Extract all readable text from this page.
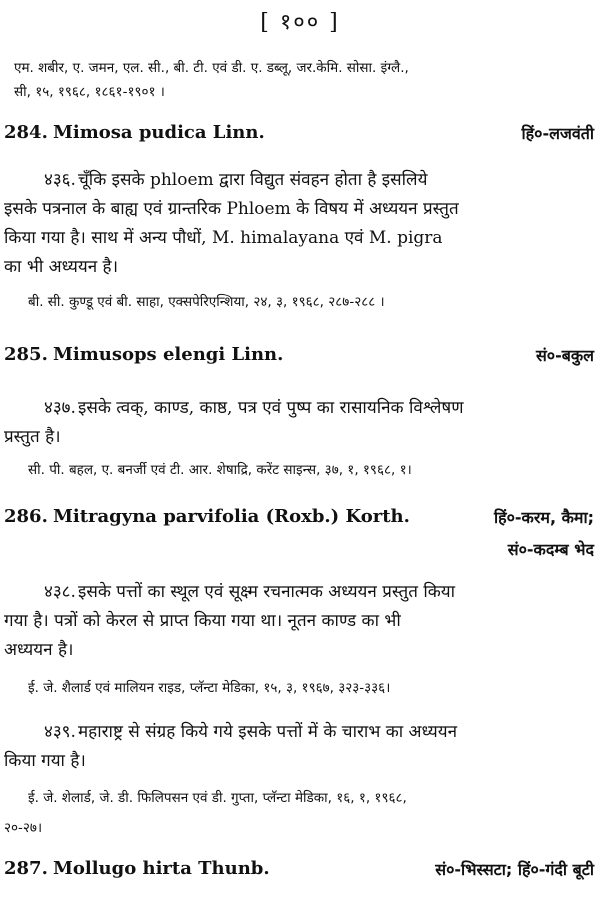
[ १०० ]
एम. शबीर, ए. जमन, एल. सी., बी. टी. एवं डी. ए. डब्लू, जर.केमि. सोसा. इंग्लै.,
सी, १५, १९६८, १८६१-१९०१ ।
284. Mimosa pudica Linn.	हिं०-लजवंती
४३६. चूँकि इसके phloem द्वारा विद्युत संवहन होता है इसलिये
इसके पत्रनाल के बाह्य एवं ग्रान्तरिक Phloem के विषय में अध्ययन प्रस्तुत
किया गया है। साथ में अन्य पौधों, M. himalayana एवं M. pigra
का भी अध्ययन है।
बी. सी. कुण्डू एवं बी. साहा, एक्सपेरिएन्शिया, २४, ३, १९६८, २८७-२८८ ।
285. Mimusops elengi Linn.	सं०-बकुल
४३७. इसके त्वक्, काण्ड, काष्ठ, पत्र एवं पुष्प का रासायनिक विश्लेषण
प्रस्तुत है।
सी. पी. बहल, ए. बनर्जी एवं टी. आर. शेषाद्रि, करेंट साइन्स, ३७, १, १९६८, १।
286. Mitragyna parvifolia (Roxb.) Korth.	हिं०-करम, कैमा;
सं०-कदम्ब भेद
४३८. इसके पत्तों का स्थूल एवं सूक्ष्म रचनात्मक अध्ययन प्रस्तुत किया
गया है। पत्रों को केरल से प्राप्त किया गया था। नूतन काण्ड का भी
अध्ययन है।
ई. जे. शैलार्ड एवं मालियन राइड, प्लॅन्टा मेडिका, १५, ३, १९६७, ३२३-३३६।
४३९. महाराष्ट्र से संग्रह किये गये इसके पत्तों में के चाराभ का अध्ययन
किया गया है।
ई. जे. शेलार्ड, जे. डी. फिलिपसन एवं डी. गुप्ता, प्लॅन्टा मेडिका, १६, १, १९६८,
२०-२७।
287. Mollugo hirta Thunb.	सं०-भिस्सटा; हिं०-गंदी बूटी
